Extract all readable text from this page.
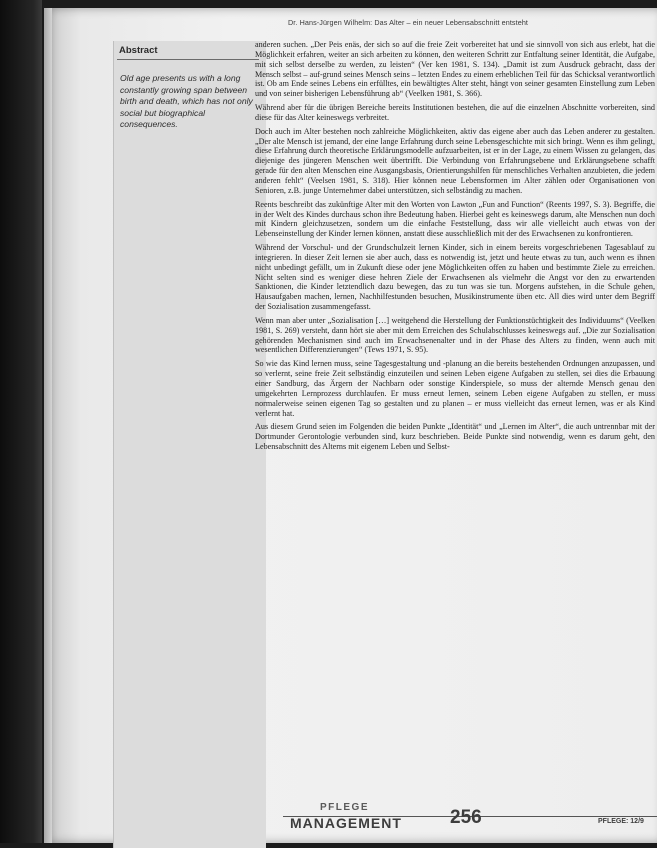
Dr. Hans-Jürgen Wilhelm: Das Alter – ein neuer Lebensabschnitt entsteht
Abstract
Old age presents us with a long constantly growing span between birth and death, which has not only social but biographical consequences.

anderen suchen. „Der Peis enäs, der sich so auf die freie Zeit vorbereitet hat und sie sinnvoll von sich aus erlebt, hat die Möglichkeit erfahren, weiter an sich arbeiten zu können, den weiteren Schritt zur Entfaltung seiner Identität, die Aufgabe, mit sich selbst derselbe zu werden, zu leisten“ (Ver ken 1981, S. 134). „Damit ist zum Ausdruck gebracht, dass der Mensch selbst – auf-grund seines Mensch seins – letzten Endes zu einem erheblichen Teil für das Schicksal verantwortlich ist. Ob am Ende seines Lebens ein erfülltes, ein bewältigtes Alter steht, hängt von seiner gesamten Einstellung zum Leben und von seiner bisherigen Lebensführung ab“ (Veelken 1981, S. 366).

Während aber für die übrigen Bereiche bereits Institutionen bestehen, die auf die einzelnen Abschnitte vorbereiten, sind diese für das Alter keineswegs verbreitet.

Doch auch im Alter bestehen noch zahlreiche Möglichkeiten, aktiv das eigene aber auch das Leben anderer zu gestalten. „Der alte Mensch ist jemand, der eine lange Erfahrung durch seine Lebensgeschichte mit sich bringt. Wenn es ihm gelingt, diese Erfahrung durch theoretische Erklärungsmodelle aufzuarbeiten, ist er in der Lage, zu einem Wissen zu gelangen, das diejenige des jüngeren Menschen weit übertrifft. Die Verbindung von Erfahrungsebene und Erklärungsebene schafft gerade für den alten Menschen eine Ausgangsbasis, Orientierungshilfen für menschliches Verhalten anzubieten, die jedem anderen fehlt“ (Veelsen 1981, S. 318). Hier können neue Lebensformen im Alter zählen oder Organisationen von Senioren, z.B. junge Unternehmer dabei unterstützen, sich selbständig zu machen.

Reents beschreibt das zukünftige Alter mit den Worten von Lawton „Fun and Function“ (Reents 1997, S. 3). Begriffe, die in der Welt des Kindes durchaus schon ihre Bedeutung haben. Hierbei geht es keineswegs darum, alte Menschen nun doch mit Kindern gleichzusetzen, sondern um die einfache Feststellung, dass wir alle vielleicht auch etwas von der Lebenseinstellung der Kinder lernen können, anstatt diese ausschließlich mit der des Erwachsenen zu konfrontieren.

Während der Vorschul- und der Grundschulzeit lernen Kinder, sich in einem bereits vorgeschriebenen Tagesablauf zu integrieren. In dieser Zeit lernen sie aber auch, dass es notwendig ist, jetzt und heute etwas zu tun, auch wenn es ihnen nicht unbedingt gefällt, um in Zukunft diese oder jene Möglichkeiten offen zu haben und bestimmte Ziele zu erreichen. Nicht selten sind es weniger diese hehren Ziele der Erwachsenen als vielmehr die Angst vor den zu erwartenden Sanktionen, die Kinder letztendlich dazu bewegen, das zu tun was sie tun. Morgens aufstehen, in die Schule gehen, Hausaufgaben machen, lernen, Nachhilfestunden besuchen, Musikinstrumente üben etc. All dies wird unter dem Begriff der Sozialisation zusammengefasst.

Wenn man aber unter „Sozialisation […] weitgehend die Herstellung der Funktionstüchtigkeit des Individuums“ (Veelken 1981, S. 269) versteht, dann hört sie aber mit dem Erreichen des Schulabschlusses keineswegs auf. „Die zur Sozialisation gehörenden Mechanismen sind auch im Erwachsenenalter und in der Phase des Alters zu finden, wenn auch mit wesentlichen Differenzierungen“ (Tews 1971, S. 95).

So wie das Kind lernen muss, seine Tagesgestaltung und -planung an die bereits bestehenden Ordnungen anzupassen, und so verlernt, seine freie Zeit selbständig einzuteilen und seinen Leben eigene Aufgaben zu stellen, sei dies die Erbauung einer Sandburg, das Ärgern der Nachbarn oder sonstige Kinderspiele, so muss der alternde Mensch genau den umgekehrten Lernprozess durchlaufen. Er muss erneut lernen, seinem Leben eigene Aufgaben zu stellen, er muss normalerweise seinen eigenen Tag so gestalten und zu planen – er muss vielleicht das erneut lernen, was er als Kind verlernt hat.

Aus diesem Grund seien im Folgenden die beiden Punkte „Identität“ und „Lernen im Alter“, die auch untrennbar mit der Dortmunder Gerontologie verbunden sind, kurz beschrieben. Beide Punkte sind notwendig, wenn es darum geht, den Lebensabschnitt des Alterns mit eigenem Leben und Selbst-

PFLEGE
MANAGEMENT	256	PFLEGE: 12/9
